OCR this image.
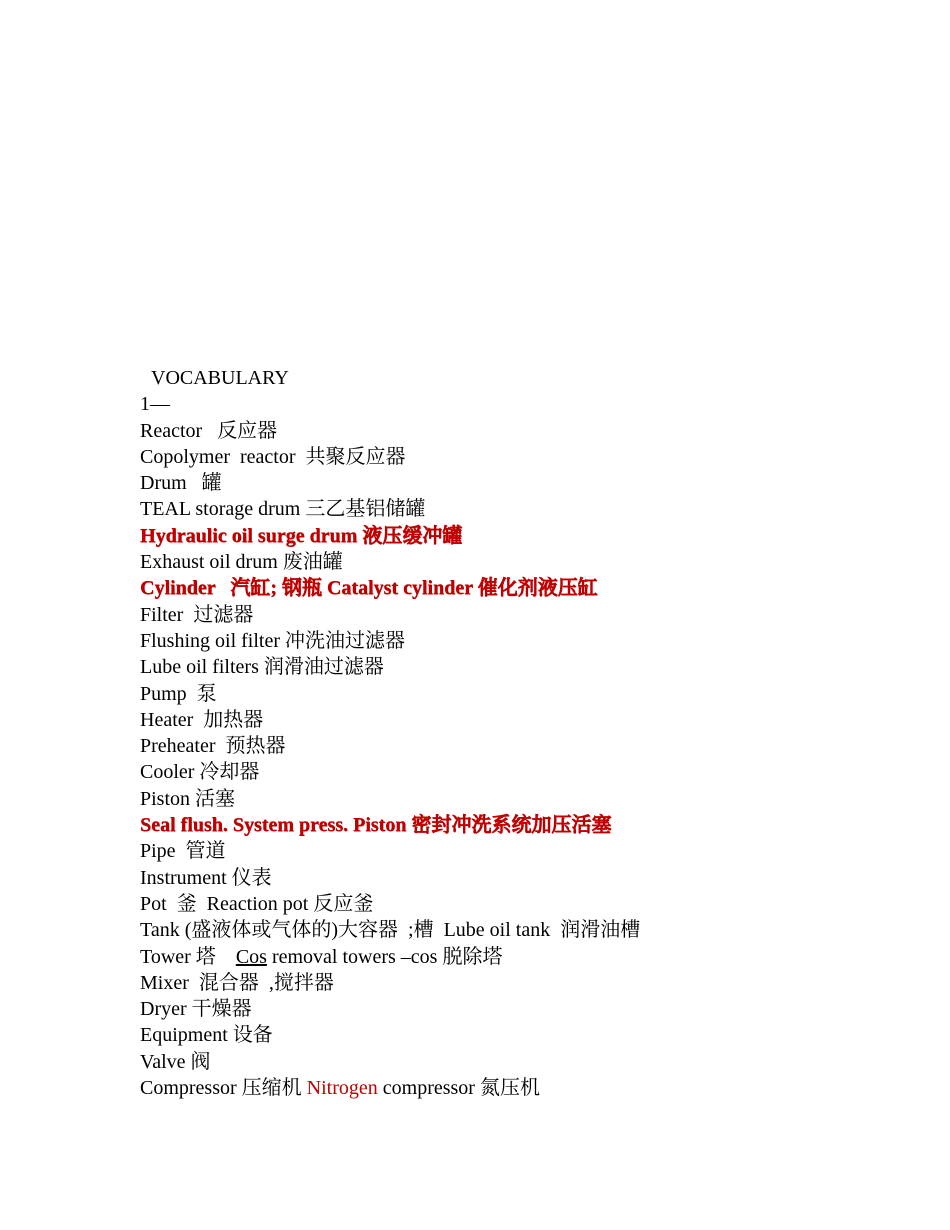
VOCABULARY
1—
Reactor   反应器
Copolymer  reactor  共聚反应器
Drum   罐
TEAL storage drum 三乙基铝储罐
Hydraulic oil surge drum 液压缓冲罐
Exhaust oil drum 废油罐
Cylinder   汽缸; 钢瓶 Catalyst cylinder 催化剂液压缸
Filter  过滤器
Flushing oil filter 冲洗油过滤器
Lube oil filters 润滑油过滤器
Pump  泵
Heater  加热器
Preheater  预热器
Cooler 冷却器
Piston 活塞
Seal flush. System press. Piston 密封冲洗系统加压活塞
Pipe  管道
Instrument 仪表
Pot  釜  Reaction pot 反应釜
Tank (盛液体或气体的)大容器  ;槽  Lube oil tank  润滑油槽
Tower 塔    Cos removal towers –cos 脱除塔
Mixer  混合器  ,搅拌器
Dryer 干燥器
Equipment 设备
Valve 阀
Compressor 压缩机 Nitrogen compressor 氮压机
